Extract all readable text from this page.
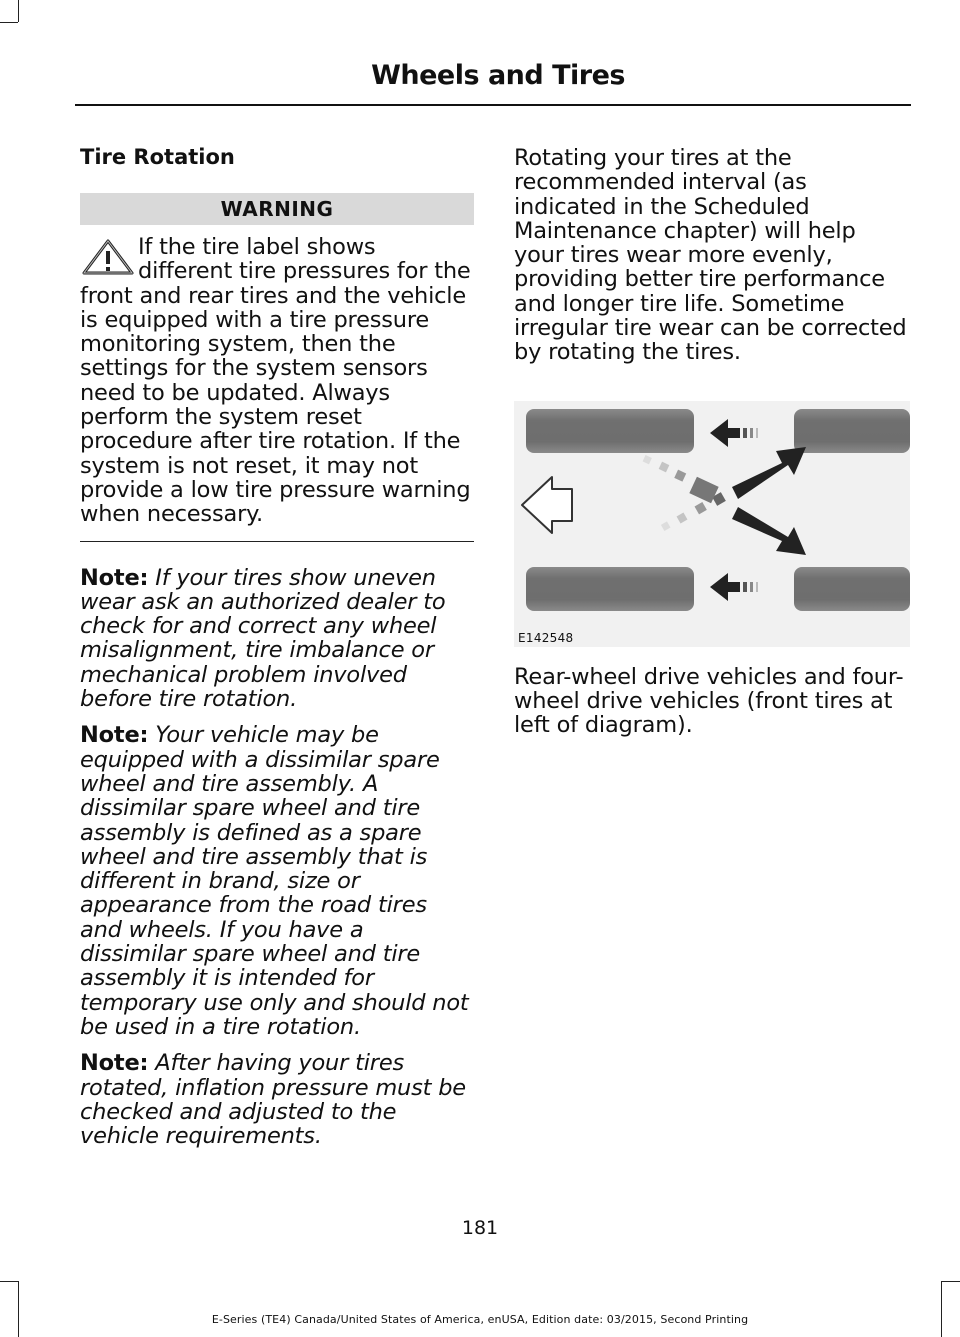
Wheels and Tires

Tire Rotation

WARNING
If the tire label shows different tire pressures for the front and rear tires and the vehicle is equipped with a tire pressure monitoring system, then the settings for the system sensors need to be updated. Always perform the system reset procedure after tire rotation. If the system is not reset, it may not provide a low tire pressure warning when necessary.

Note: If your tires show uneven wear ask an authorized dealer to check for and correct any wheel misalignment, tire imbalance or mechanical problem involved before tire rotation.

Note: Your vehicle may be equipped with a dissimilar spare wheel and tire assembly. A dissimilar spare wheel and tire assembly is defined as a spare wheel and tire assembly that is different in brand, size or appearance from the road tires and wheels. If you have a dissimilar spare wheel and tire assembly it is intended for temporary use only and should not be used in a tire rotation.

Note: After having your tires rotated, inflation pressure must be checked and adjusted to the vehicle requirements.

Rotating your tires at the recommended interval (as indicated in the Scheduled Maintenance chapter) will help your tires wear more evenly, providing better tire performance and longer tire life. Sometime irregular tire wear can be corrected by rotating the tires.

E142548

Rear-wheel drive vehicles and four-wheel drive vehicles (front tires at left of diagram).

181
E-Series (TE4) Canada/United States of America, enUSA, Edition date: 03/2015, Second Printing
